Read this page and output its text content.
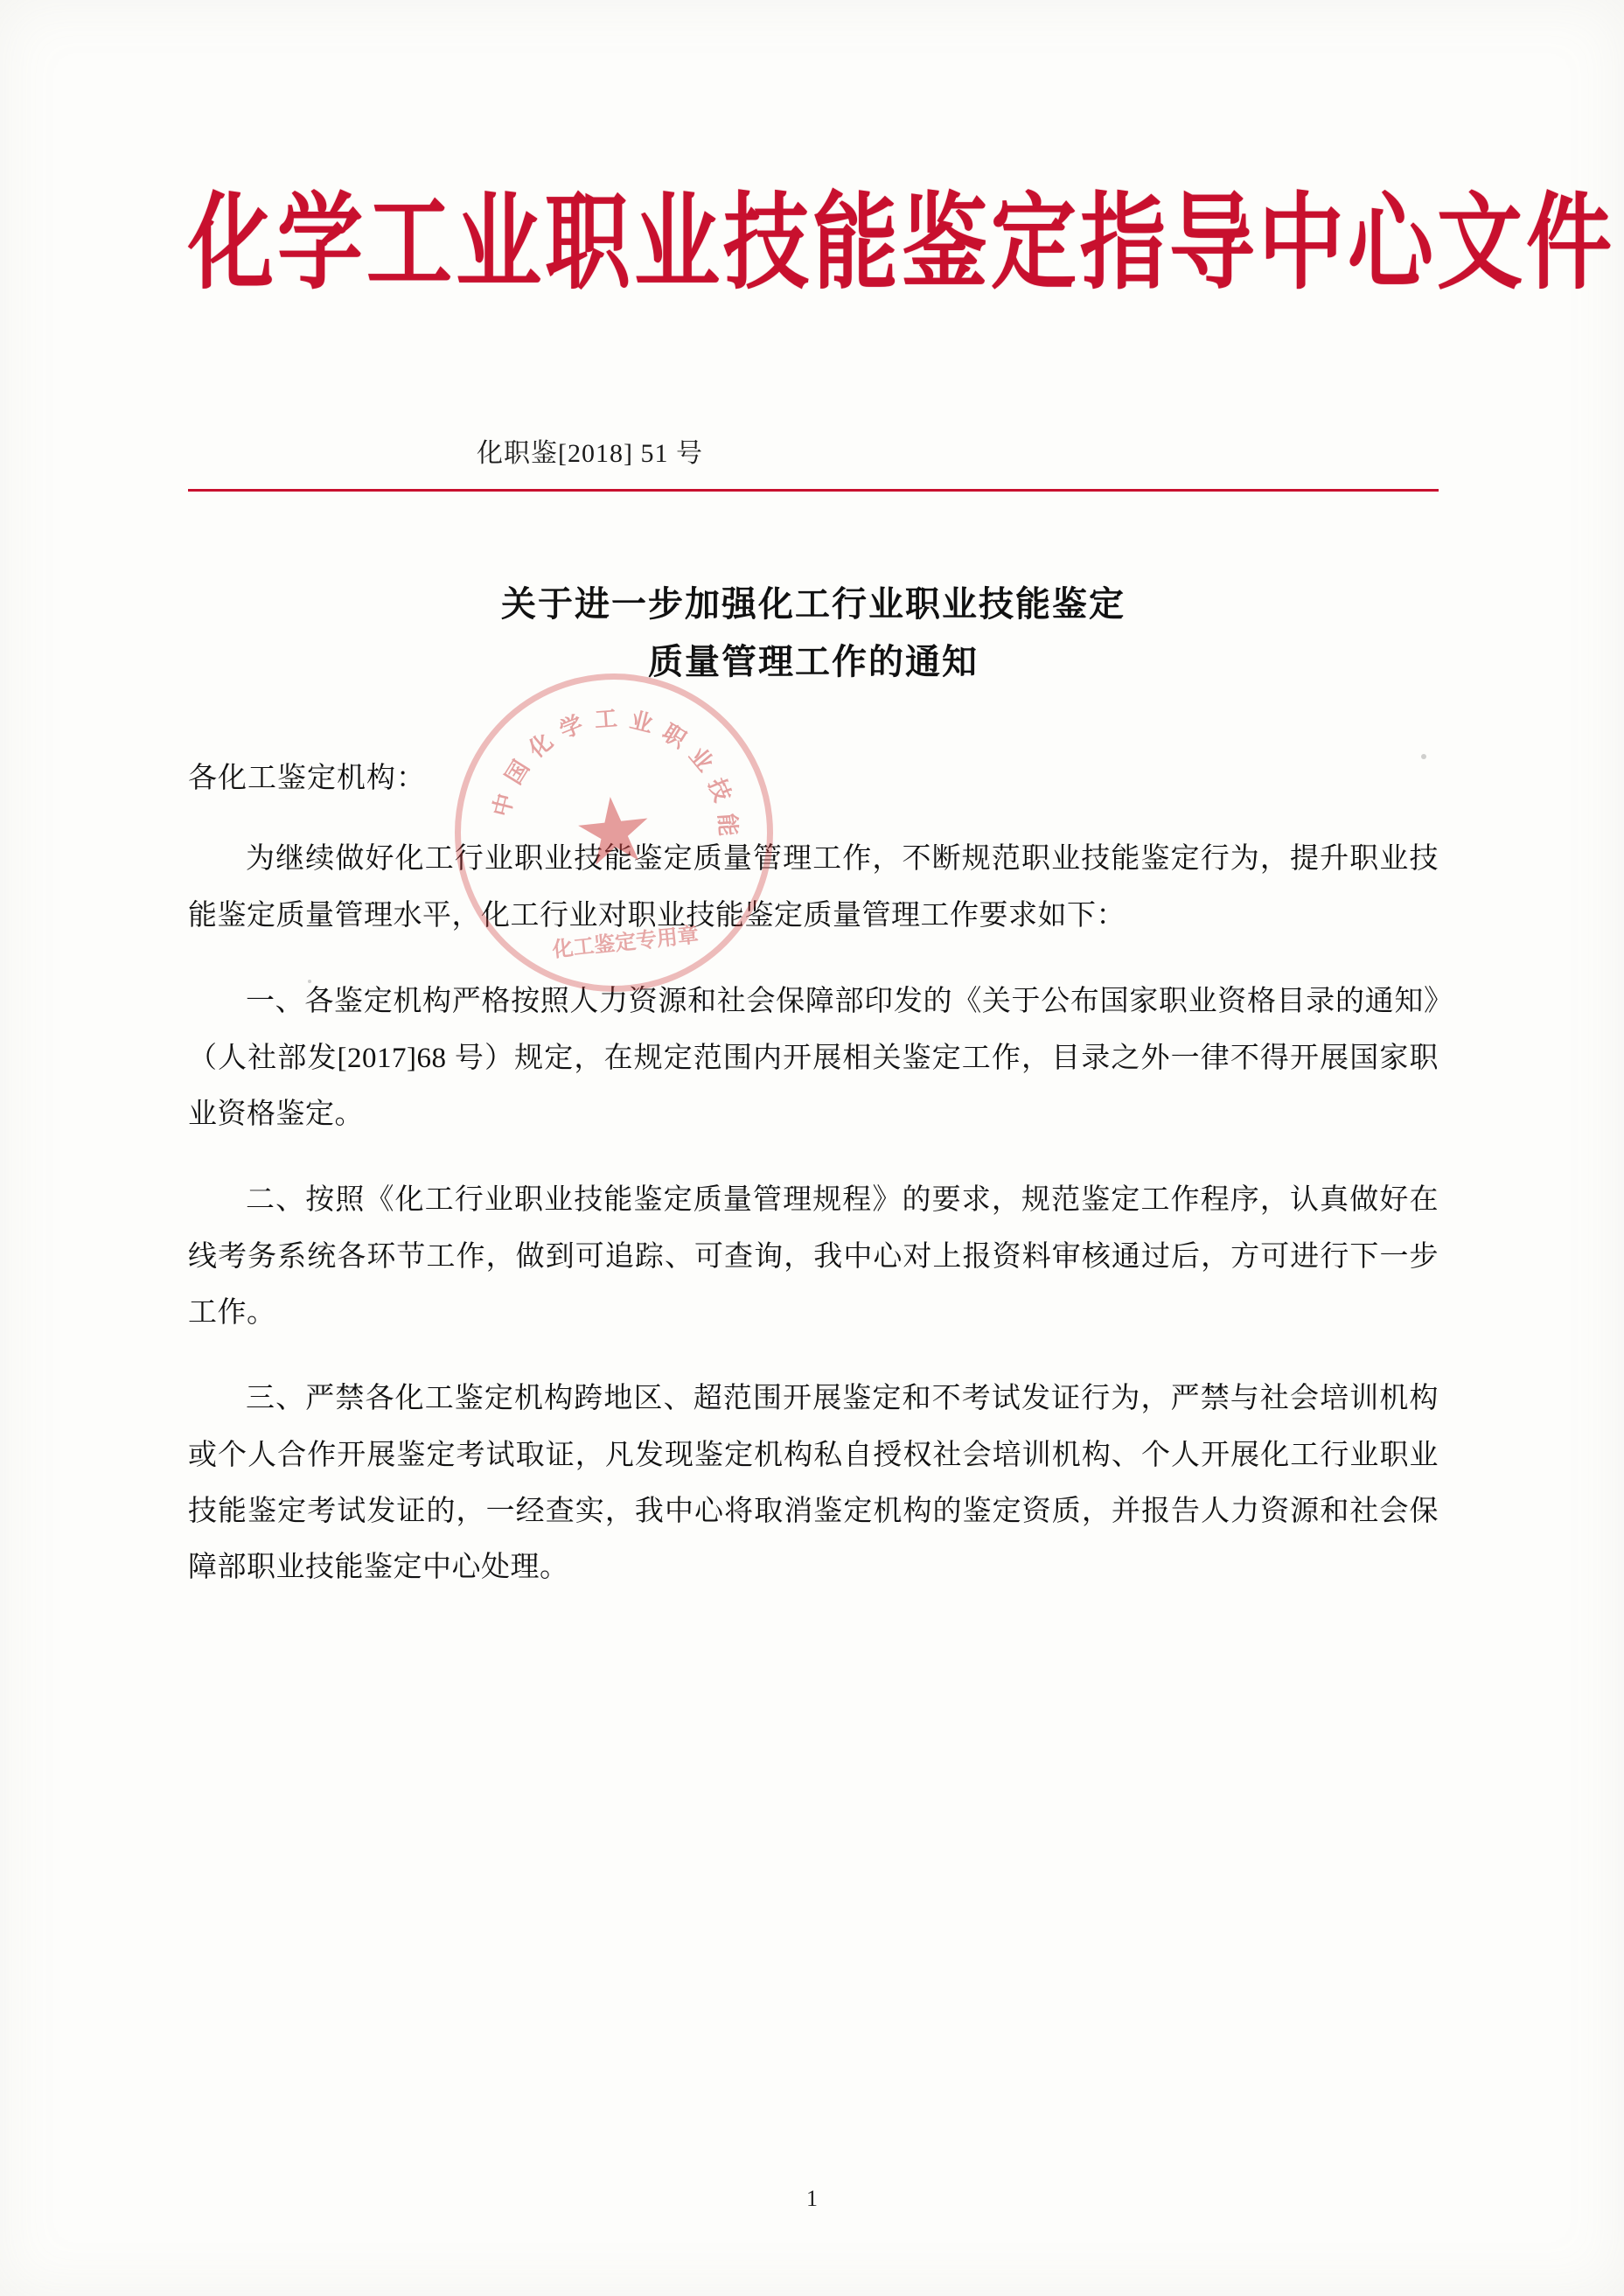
化学工业职业技能鉴定指导中心文件
化职鉴[2018] 51 号
关于进一步加强化工行业职业技能鉴定
质量管理工作的通知
各化工鉴定机构：

为继续做好化工行业职业技能鉴定质量管理工作，不断规范职业技能鉴定行为，提升职业技能鉴定质量管理水平，化工行业对职业技能鉴定质量管理工作要求如下：

一、各鉴定机构严格按照人力资源和社会保障部印发的《关于公布国家职业资格目录的通知》（人社部发[2017]68 号）规定，在规定范围内开展相关鉴定工作，目录之外一律不得开展国家职业资格鉴定。

二、按照《化工行业职业技能鉴定质量管理规程》的要求，规范鉴定工作程序，认真做好在线考务系统各环节工作，做到可追踪、可查询，我中心对上报资料审核通过后，方可进行下一步工作。

三、严禁各化工鉴定机构跨地区、超范围开展鉴定和不考试发证行为，严禁与社会培训机构或个人合作开展鉴定考试取证，凡发现鉴定机构私自授权社会培训机构、个人开展化工行业职业技能鉴定考试发证的，一经查实，我中心将取消鉴定机构的鉴定资质，并报告人力资源和社会保障部职业技能鉴定中心处理。

中
国
化
学 工 业 职
业
技
能
★
化工鉴定专用章
1
